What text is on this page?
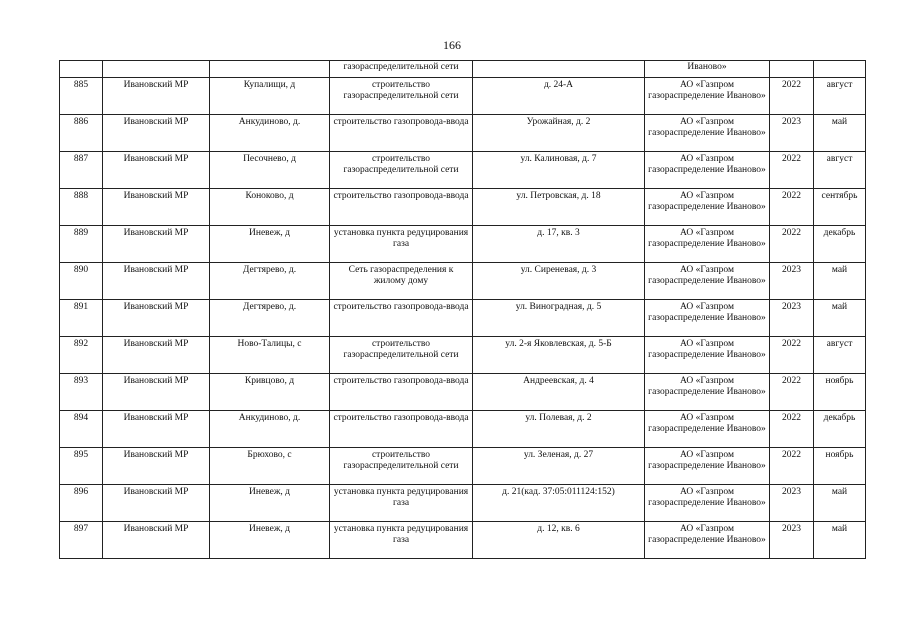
166
			газораспределительной сети		Иваново»		
885	Ивановский МР	Купалищи, д	строительство газораспределительной сети	д. 24-А	АО «Газпром газораспределение Иваново»	2022	август
886	Ивановский МР	Анкудиново, д.	строительство газопровода-ввода	Урожайная, д. 2	АО «Газпром газораспределение Иваново»	2023	май
887	Ивановский МР	Песочнево, д	строительство газораспределительной сети	ул. Калиновая, д. 7	АО «Газпром газораспределение Иваново»	2022	август
888	Ивановский МР	Коноково, д	строительство газопровода-ввода	ул. Петровская, д. 18	АО «Газпром газораспределение Иваново»	2022	сентябрь
889	Ивановский МР	Иневеж, д	установка пункта редуцирования газа	д. 17, кв. 3	АО «Газпром газораспределение Иваново»	2022	декабрь
890	Ивановский МР	Дегтярево, д.	Сеть газораспределения к жилому дому	ул. Сиреневая, д. 3	АО «Газпром газораспределение Иваново»	2023	май
891	Ивановский МР	Дегтярево, д.	строительство газопровода-ввода	ул. Виноградная, д. 5	АО «Газпром газораспределение Иваново»	2023	май
892	Ивановский МР	Ново-Талицы, с	строительство газораспределительной сети	ул. 2-я Яковлевская, д. 5-Б	АО «Газпром газораспределение Иваново»	2022	август
893	Ивановский МР	Кривцово, д	строительство газопровода-ввода	Андреевская, д. 4	АО «Газпром газораспределение Иваново»	2022	ноябрь
894	Ивановский МР	Анкудиново, д.	строительство газопровода-ввода	ул. Полевая, д. 2	АО «Газпром газораспределение Иваново»	2022	декабрь
895	Ивановский МР	Брюхово, с	строительство газораспределительной сети	ул. Зеленая, д. 27	АО «Газпром газораспределение Иваново»	2022	ноябрь
896	Ивановский МР	Иневеж, д	установка пункта редуцирования газа	д. 21(кад. 37:05:011124:152)	АО «Газпром газораспределение Иваново»	2023	май
897	Ивановский МР	Иневеж, д	установка пункта редуцирования газа	д. 12, кв. 6	АО «Газпром газораспределение Иваново»	2023	май
